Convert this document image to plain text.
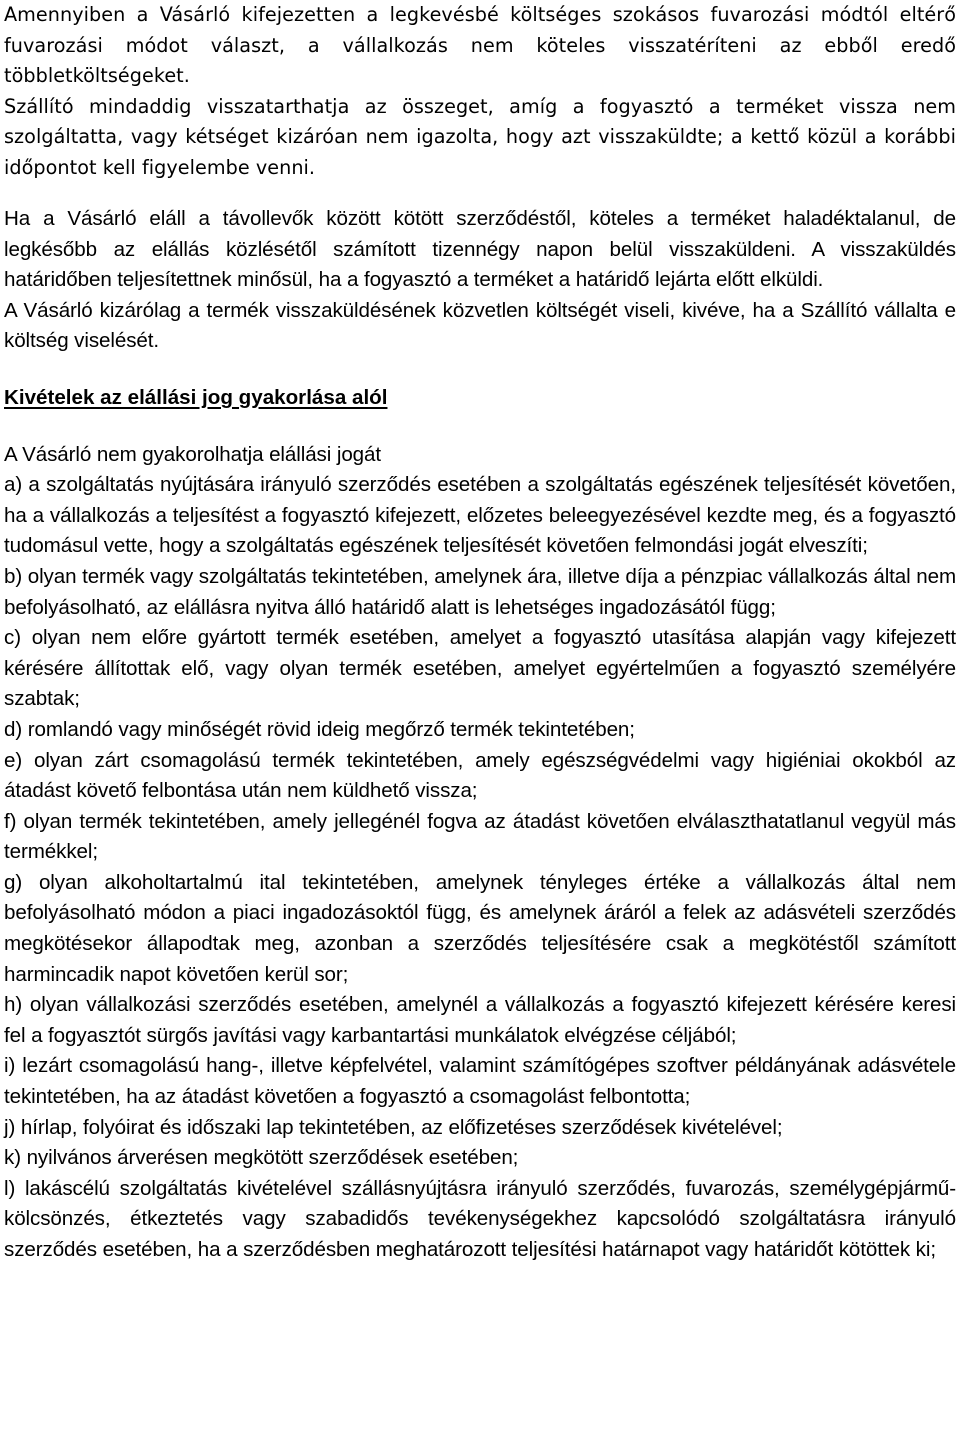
Amennyiben a Vásárló kifejezetten a legkevésbé költséges szokásos fuvarozási módtól eltérő fuvarozási módot választ, a vállalkozás nem köteles visszatéríteni az ebből eredő többletköltségeket.

Szállító mindaddig visszatarthatja az összeget, amíg a fogyasztó a terméket vissza nem szolgáltatta, vagy kétséget kizáróan nem igazolta, hogy azt visszaküldte; a kettő közül a korábbi időpontot kell figyelembe venni.

Ha a Vásárló eláll a távollevők között kötött szerződéstől, köteles a terméket haladéktalanul, de legkésőbb az elállás közlésétől számított tizennégy napon belül visszaküldeni. A visszaküldés határidőben teljesítettnek minősül, ha a fogyasztó a terméket a határidő lejárta előtt elküldi.

A Vásárló kizárólag a termék visszaküldésének közvetlen költségét viseli, kivéve, ha a Szállító vállalta e költség viselését.

Kivételek az elállási jog gyakorlása alól

A Vásárló nem gyakorolhatja elállási jogát

a) a szolgáltatás nyújtására irányuló szerződés esetében a szolgáltatás egészének teljesítését követően, ha a vállalkozás a teljesítést a fogyasztó kifejezett, előzetes beleegyezésével kezdte meg, és a fogyasztó tudomásul vette, hogy a szolgáltatás egészének teljesítését követően felmondási jogát elveszíti;

b) olyan termék vagy szolgáltatás tekintetében, amelynek ára, illetve díja a pénzpiac vállalkozás által nem befolyásolható, az elállásra nyitva álló határidő alatt is lehetséges ingadozásától függ;

c) olyan nem előre gyártott termék esetében, amelyet a fogyasztó utasítása alapján vagy kifejezett kérésére állítottak elő, vagy olyan termék esetében, amelyet egyértelműen a fogyasztó személyére szabtak;

d) romlandó vagy minőségét rövid ideig megőrző termék tekintetében;

e) olyan zárt csomagolású termék tekintetében, amely egészségvédelmi vagy higiéniai okokból az átadást követő felbontása után nem küldhető vissza;

f) olyan termék tekintetében, amely jellegénél fogva az átadást követően elválaszthatatlanul vegyül más termékkel;

g) olyan alkoholtartalmú ital tekintetében, amelynek tényleges értéke a vállalkozás által nem befolyásolható módon a piaci ingadozásoktól függ, és amelynek áráról a felek az adásvételi szerződés megkötésekor állapodtak meg, azonban a szerződés teljesítésére csak a megkötéstől számított harmincadik napot követően kerül sor;

h) olyan vállalkozási szerződés esetében, amelynél a vállalkozás a fogyasztó kifejezett kérésére keresi fel a fogyasztót sürgős javítási vagy karbantartási munkálatok elvégzése céljából;

i) lezárt csomagolású hang-, illetve képfelvétel, valamint számítógépes szoftver példányának adásvétele tekintetében, ha az átadást követően a fogyasztó a csomagolást felbontotta;

j) hírlap, folyóirat és időszaki lap tekintetében, az előfizetéses szerződések kivételével;

k) nyilvános árverésen megkötött szerződések esetében;

l) lakáscélú szolgáltatás kivételével szállásnyújtásra irányuló szerződés, fuvarozás, személygépjármű-kölcsönzés, étkeztetés vagy szabadidős tevékenységekhez kapcsolódó szolgáltatásra irányuló szerződés esetében, ha a szerződésben meghatározott teljesítési határnapot vagy határidőt kötöttek ki;
